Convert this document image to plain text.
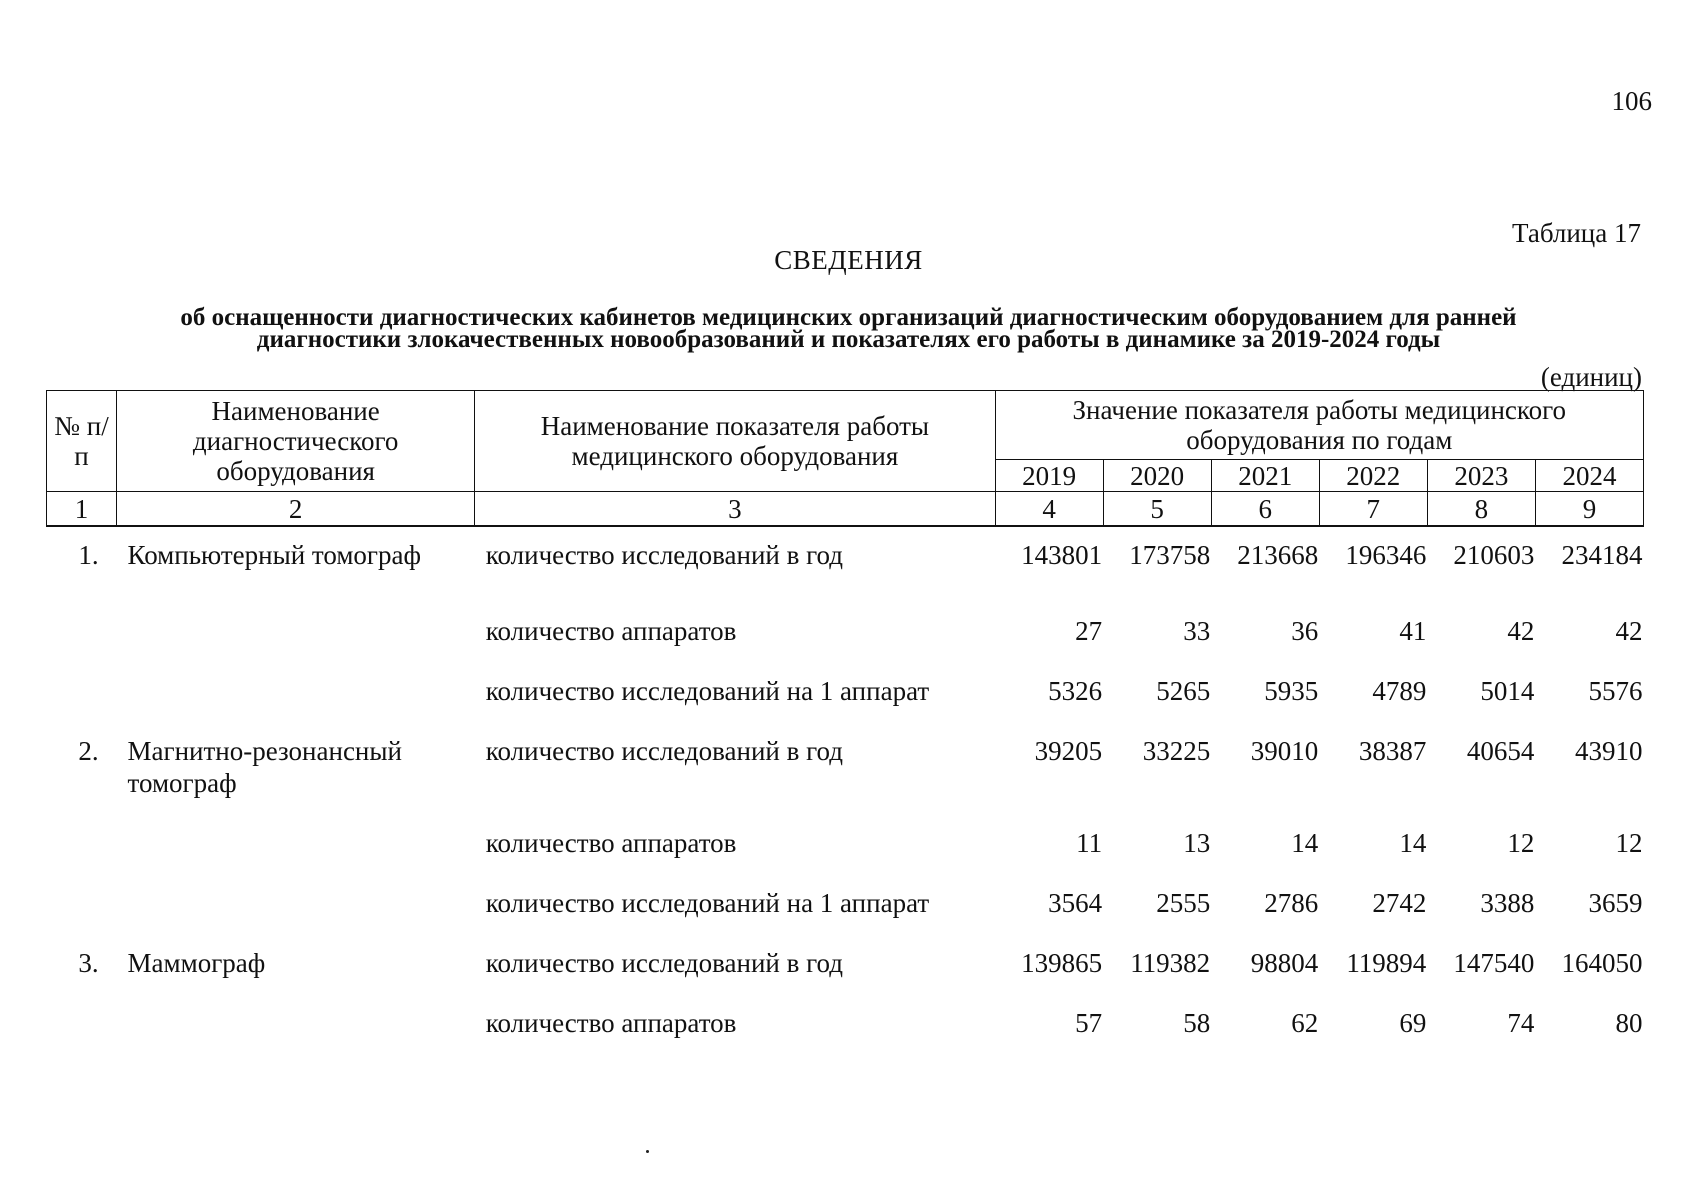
106
Таблица 17
СВЕДЕНИЯ
об оснащенности диагностических кабинетов медицинских организаций диагностическим оборудованием для ранней
диагностики злокачественных новообразований и показателях его работы в динамике за 2019-2024 годы
(единиц)
№ п/п	Наименование диагностического оборудования	Наименование показателя работы медицинского оборудования	Значение показателя работы медицинского оборудования по годам					
			2019	2020	2021	2022	2023	2024
1	2	3	4	5	6	7	8	9
1.	Компьютерный томограф	количество исследований в год	143801	173758	213668	196346	210603	234184
		количество аппаратов	27	33	36	41	42	42
		количество исследований на 1 аппарат	5326	5265	5935	4789	5014	5576
2.	Магнитно-резонансный томограф	количество исследований в год	39205	33225	39010	38387	40654	43910
		количество аппаратов	11	13	14	14	12	12
		количество исследований на 1 аппарат	3564	2555	2786	2742	3388	3659
3.	Маммограф	количество исследований в год	139865	119382	98804	119894	147540	164050
		количество аппаратов	57	58	62	69	74	80
